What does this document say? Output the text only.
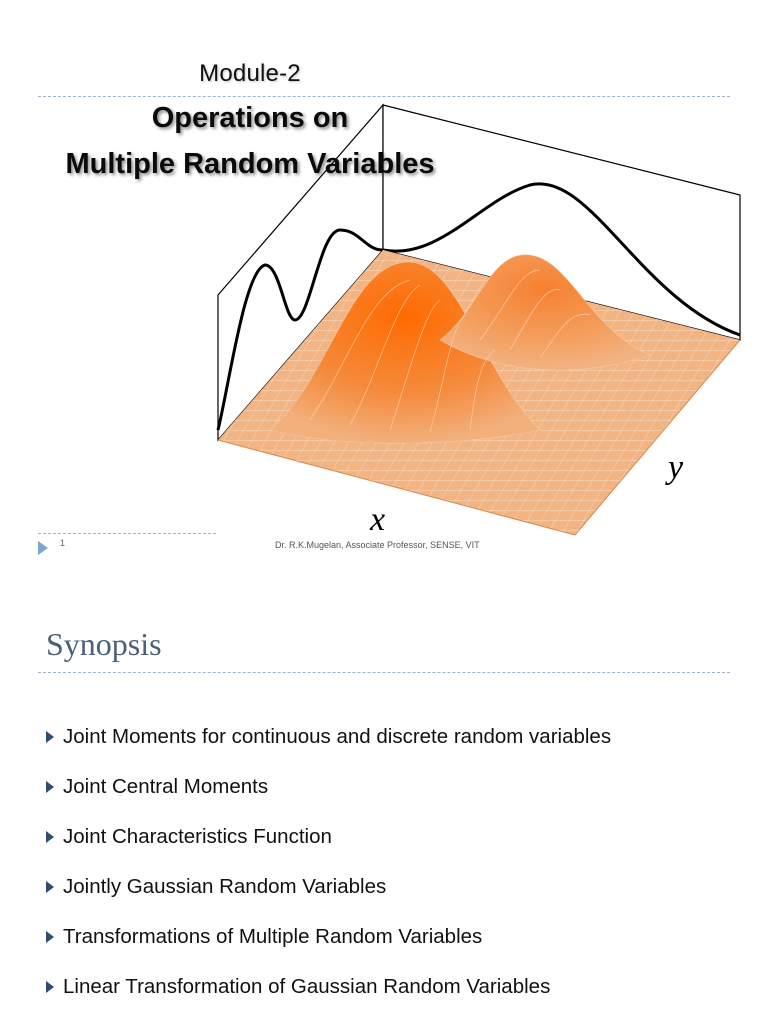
Module-2
x
y
Operations on
Multiple Random Variables
1	Dr. R.K.Mugelan, Associate Professor, SENSE, VIT
Synopsis
Joint Moments for continuous and discrete random variables
Joint Central Moments
Joint Characteristics Function
Jointly Gaussian Random Variables
Transformations of Multiple Random Variables
Linear Transformation of Gaussian Random Variables
